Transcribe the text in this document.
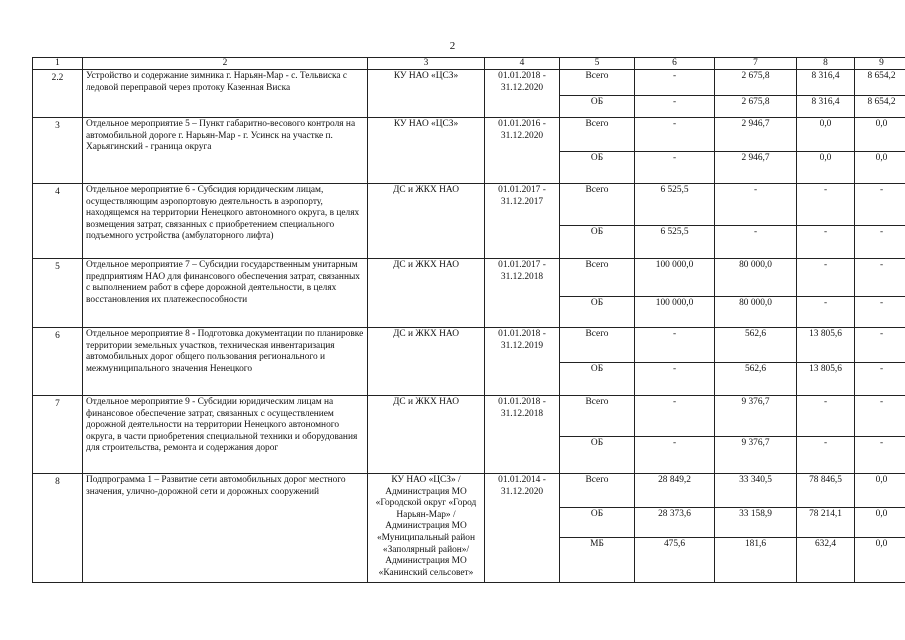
2
1	2	3	4	5	6	7	8	9
2.2	Устройство и содержание зимника г. Нарьян-Мар - с. Тельвиска с ледовой переправой через протоку Казенная Виска	КУ НАО «ЦСЗ»	01.01.2018 - 31.12.2020	Всего	-	2 675,8	8 316,4	8 654,2
				ОБ	-	2 675,8	8 316,4	8 654,2
3	Отдельное мероприятие 5 – Пункт габаритно-весового контроля на автомобильной дороге г. Нарьян-Мар - г. Усинск на участке п. Харьягинский - граница округа	КУ НАО «ЦСЗ»	01.01.2016 - 31.12.2020	Всего	-	2 946,7	0,0	0,0
				ОБ	-	2 946,7	0,0	0,0
4	Отдельное мероприятие 6 - Субсидия юридическим лицам, осуществляющим аэропортовую деятельность в аэропорту, находящемся на территории Ненецкого автономного округа, в целях возмещения затрат, связанных с приобретением специального подъемного устройства (амбулаторного лифта)	ДС и ЖКХ НАО	01.01.2017 - 31.12.2017	Всего	6 525,5	-	-	-
				ОБ	6 525,5	-	-	-
5	Отдельное мероприятие 7 – Субсидии государственным унитарным предприятиям НАО для финансового обеспечения затрат, связанных с выполнением работ в сфере дорожной деятельности, в целях восстановления их платежеспособности	ДС и ЖКХ НАО	01.01.2017 - 31.12.2018	Всего	100 000,0	80 000,0	-	-
				ОБ	100 000,0	80 000,0	-	-
6	Отдельное мероприятие 8 - Подготовка документации по планировке территории земельных участков, техническая инвентаризация автомобильных дорог общего пользования регионального и межмуниципального значения Ненецкого	ДС и ЖКХ НАО	01.01.2018 - 31.12.2019	Всего	-	562,6	13 805,6	-
				ОБ	-	562,6	13 805,6	-
7	Отдельное мероприятие 9 - Субсидии юридическим лицам на финансовое обеспечение затрат, связанных с осуществлением дорожной деятельности на территории Ненецкого автономного округа, в части приобретения специальной техники и оборудования для строительства, ремонта и содержания дорог	ДС и ЖКХ НАО	01.01.2018 - 31.12.2018	Всего	-	9 376,7	-	-
				ОБ	-	9 376,7	-	-
8	Подпрограмма 1 – Развитие сети автомобильных дорог местного значения, улично-дорожной сети и дорожных сооружений	КУ НАО «ЦСЗ» /Администрация МО «Городской округ «Город Нарьян-Мар» / Администрация МО «Муниципальный район «Заполярный район»/ Администрация МО «Канинский сельсовет»	01.01.2014 - 31.12.2020	Всего	28 849,2	33 340,5	78 846,5	0,0
				ОБ	28 373,6	33 158,9	78 214,1	0,0
				МБ	475,6	181,6	632,4	0,0
